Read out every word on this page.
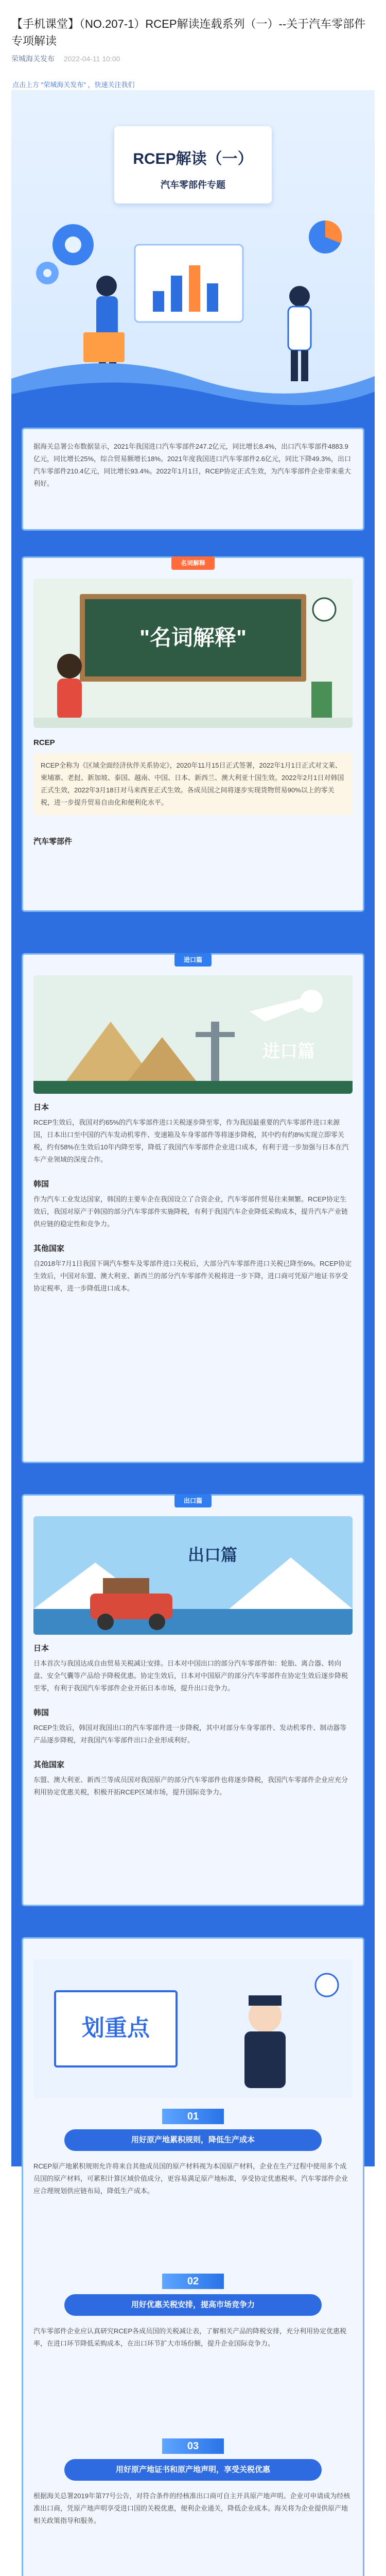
【手机课堂】（NO.207-1）RCEP解读连载系列（一）--关于汽车零部件专项解读
荣城海关发布 2022-04-11 10:00
点击上方 "荣城海关发布" ，快速关注我们
RCEP解读（一）
汽车零部件专题

据海关总署公布数据显示，2021年我国进口汽车零部件247.2亿元，同比增长8.4%，出口汽车零部件4883.9亿元，同比增长25%，综合贸易额增长18%。2021年度我国进口汽车零部件2.6亿元，同比下降49.3%，出口汽车零部件210.4亿元，同比增长93.4%。2022年1月1日，RCEP协定正式生效，为汽车零部件企业带来重大利好。

名词解释
"名词解释"
RCEP

RCEP全称为《区域全面经济伙伴关系协定》，2020年11月15日正式签署，2022年1月1日正式对文莱、柬埔寨、老挝、新加坡、泰国、越南、中国、日本、新西兰、澳大利亚十国生效。2022年2月1日对韩国正式生效，2022年3月18日对马来西亚正式生效。各成员国之间将逐步实现货物贸易90%以上的零关税，进一步提升贸易自由化和便利化水平。

汽车零部件

进口篇
进口篇
日本

RCEP生效后，我国对约65%的汽车零部件进口关税逐步降至零，作为我国最重要的汽车零部件进口来源国，日本出口至中国的汽车发动机零件、变速箱及车身零部件等将逐步降税，其中约有约8%实现立即零关税，约有58%在生效后10年内降至零，降低了我国汽车零部件企业进口成本，有利于进一步加强与日本在汽车产业领域的深度合作。

韩国

作为汽车工业发达国家，韩国的主要车企在我国设立了合资企业，汽车零部件贸易往来频繁。RCEP协定生效后，我国对原产于韩国的部分汽车零部件实施降税，有利于我国汽车企业降低采购成本，提升汽车产业链供应链的稳定性和竞争力。

其他国家

自2018年7月1日我国下调汽车整车及零部件进口关税后，大部分汽车零部件进口关税已降至6%。RCEP协定生效后，中国对东盟、澳大利亚、新西兰的部分汽车零部件关税将进一步下降，进口商可凭原产地证书享受协定税率，进一步降低进口成本。

出口篇
出口篇
日本

日本首次与我国达成自由贸易关税减让安排。日本对中国出口的部分汽车零部件如：轮胎、离合器、转向盘、安全气囊等产品给予降税优惠。协定生效后，日本对中国原产的部分汽车零部件在协定生效后逐步降税至零，有利于我国汽车零部件企业开拓日本市场，提升出口竞争力。

韩国

RCEP生效后，韩国对我国出口的汽车零部件进一步降税，其中对部分车身零部件、发动机零件、制动器等产品逐步降税，对我国汽车零部件出口企业形成利好。

其他国家

东盟、澳大利亚、新西兰等成员国对我国原产的部分汽车零部件也将逐步降税，我国汽车零部件企业应充分利用协定优惠关税，积极开拓RCEP区域市场，提升国际竞争力。

划重点
01
用好原产地累积规则，降低生产成本

RCEP原产地累积规则允许将来自其他成员国的原产材料视为本国原产材料，企业在生产过程中使用多个成员国的原产材料，可累积计算区域价值成分，更容易满足原产地标准，享受协定优惠税率。汽车零部件企业应合理规划供应链布局，降低生产成本。

02
用好优惠关税安排，提高市场竞争力

汽车零部件企业应认真研究RCEP各成员国的关税减让表，了解相关产品的降税安排，充分利用协定优惠税率，在进口环节降低采购成本，在出口环节扩大市场份额，提升企业国际竞争力。

03
用好原产地证书和原产地声明，享受关税优惠

根据海关总署2019年第77号公告，对符合条件的经核准出口商可自主开具原产地声明。企业可申请成为经核准出口商，凭原产地声明享受进口国的关税优惠，便利企业通关，降低企业成本。海关将为企业提供原产地相关政策指导和服务。
